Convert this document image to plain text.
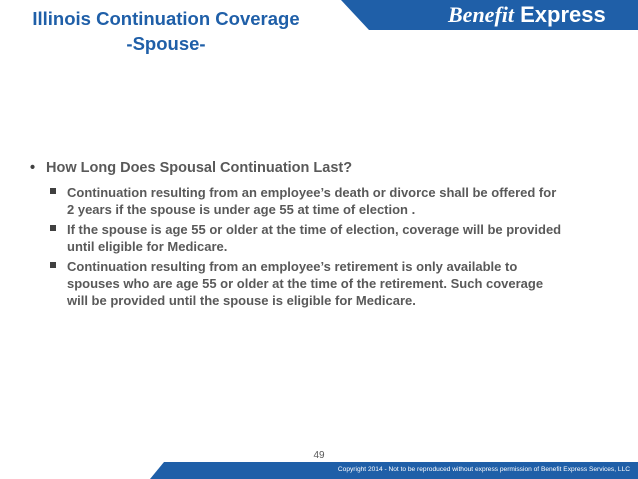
Illinois Continuation Coverage
-Spouse-
Benefit Express
• How Long Does Spousal Continuation Last?
Continuation resulting from an employee’s death or divorce shall be offered for
2 years if the spouse is under age 55 at time of election .
If the spouse is age 55 or older at the time of election, coverage will be provided
until eligible for Medicare.
Continuation resulting from an employee’s retirement is only available to
spouses who are age 55 or older at the time of the retirement. Such coverage
will be provided until the spouse is eligible for Medicare.
49
Copyright 2014 - Not to be reproduced without express permission of Benefit Express Services, LLC
